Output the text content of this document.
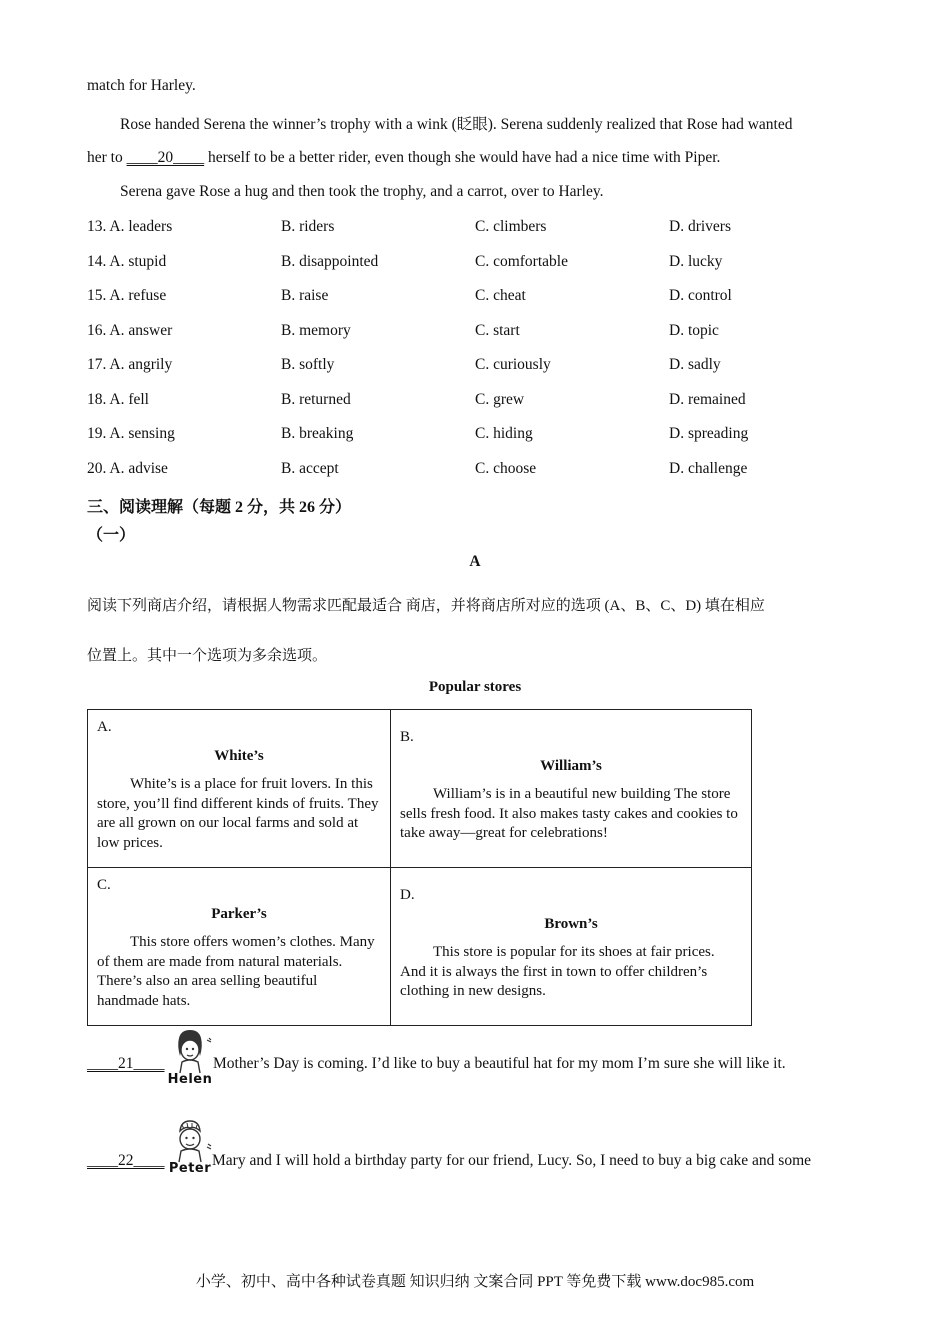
match for Harley.
Rose handed Serena the winner’s trophy with a wink (眨眼). Serena suddenly realized that Rose had wanted
her to ____20____ herself to be a better rider, even though she would have had a nice time with Piper.
Serena gave Rose a hug and then took the trophy, and a carrot, over to Harley.
13. A. leaders	B. riders	C. climbers	D. drivers
14. A. stupid	B. disappointed	C. comfortable	D. lucky
15. A. refuse	B. raise	C. cheat	D. control
16. A. answer	B. memory	C. start	D. topic
17. A. angrily	B. softly	C. curiously	D. sadly
18. A. fell	B. returned	C. grew	D. remained
19. A. sensing	B. breaking	C. hiding	D. spreading
20. A. advise	B. accept	C. choose	D. challenge
三、阅读理解（每题 2 分，共 26 分）
（一）
A
阅读下列商店介绍，请根据人物需求匹配最适合 商店，并将商店所对应的选项 (A、B、C、D) 填在相应
位置上。其中一个选项为多余选项。
Popular stores
A.
White’s
White’s is a place for fruit lovers. In this store, you’ll find different kinds of fruits. They are all grown on our local farms and sold at low prices.	B.
William’s
William’s is in a beautiful new building The store sells fresh food. It also makes tasty cakes and cookies to take away—great for celebrations!

C.
Parker’s
This store offers women’s clothes. Many of them are made from natural materials. There’s also an area selling beautiful handmade hats.	D.
Brown’s
This store is popular for its shoes at fair prices. And it is always the first in town to offer children’s clothing in new designs.
____21____
Helen
Mother’s Day is coming. I’d like to buy a beautiful hat for my mom I’m sure she will like it.
____22____ Peter Mary and I will hold a birthday party for our friend, Lucy. So, I need to buy a big cake and some
小学、初中、高中各种试卷真题 知识归纳 文案合同 PPT 等免费下载 www.doc985.com
